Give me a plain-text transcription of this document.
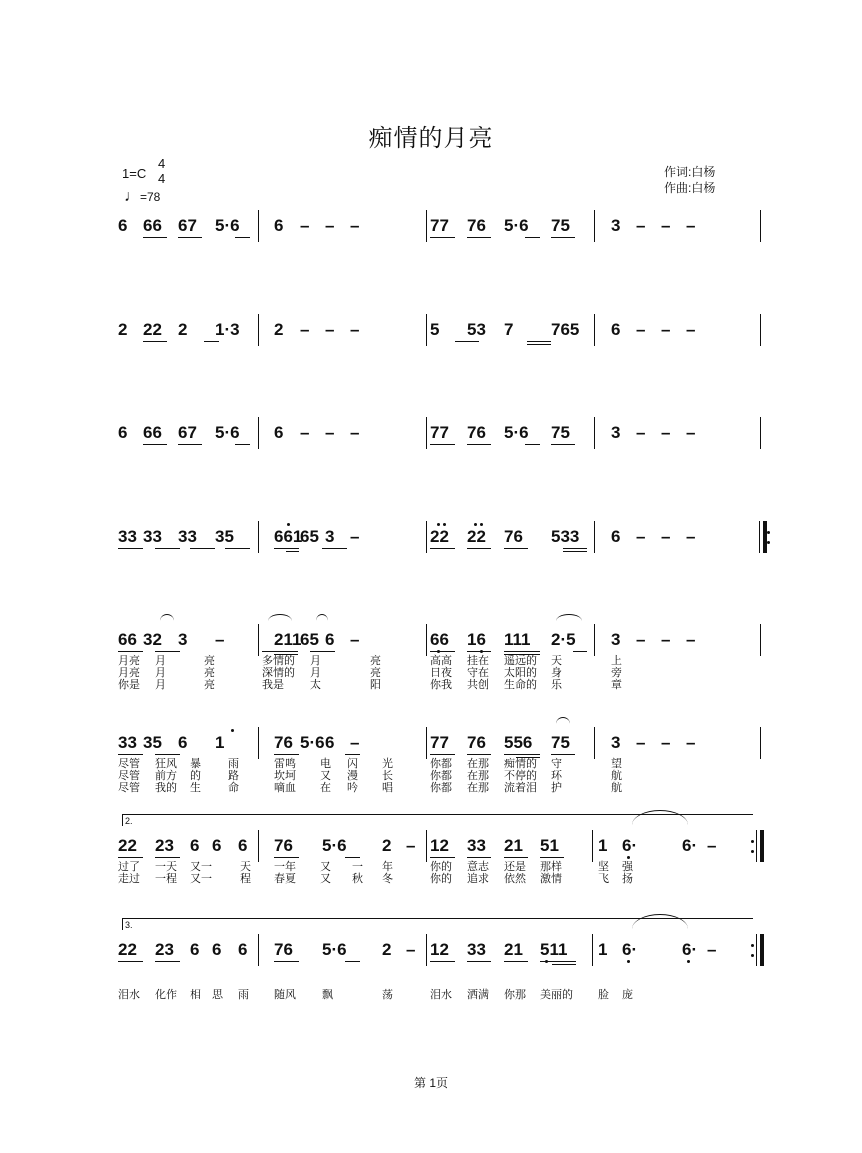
痴情的月亮
1=C
4
4
♩=78
作词:白杨
作曲:白杨
6 66 67 5·6 6 – – –	77 76 5·6 75 3 – – –
2 22 2 1·3 2 – – –	5 53 7 765 6 – – –
6 66 67 5·6 6 – – –	77 76 5·6 75 3 – – –
33 33 33 35 661
65 3 –	22 22 76 533 6 – – –
66 32 3 –	211
65 6 –	66 16 111 2·5 3 – – –
月亮 月	亮	多情的 月	亮	高高 挂在 遥远的 天	上
月亮 月	亮	深情的 月	亮	日夜 守在 太阳的 身	旁
你是 月	亮	我是 太	阳	你我 共创 生命的 乐	章
33 35 6 1	76 5·6 6 –	77 76 556 75 3 – – –
尽管 狂风 暴 雨	雷鸣 电 闪 光	你都 在那 痴情的 守	望
尽管 前方 的 路	坎坷 又 漫 长	你都 在那 不停的 环	航
尽管 我的 生 命	嘀血 在 吟 唱	你都 在那 流着泪 护	航
22 23 6 6 6 76 5·6 2 – 12 33 21 51 1 6·	6· –
2.
过了 一天 又一	天 一年 又 一 年	你的 意志 还是 那样	坚 强
走过 一程 又一	程 春夏 又 秋 冬	你的 追求 依然 激情	飞 扬
22 23 6 6 6 76 5·6 2 – 12 33 21 511 1 6·	6· –
3.
泪水 化作 相 思 雨 随风 飘	荡	泪水 洒满 你那 美丽的 脸 庞
第 1页
